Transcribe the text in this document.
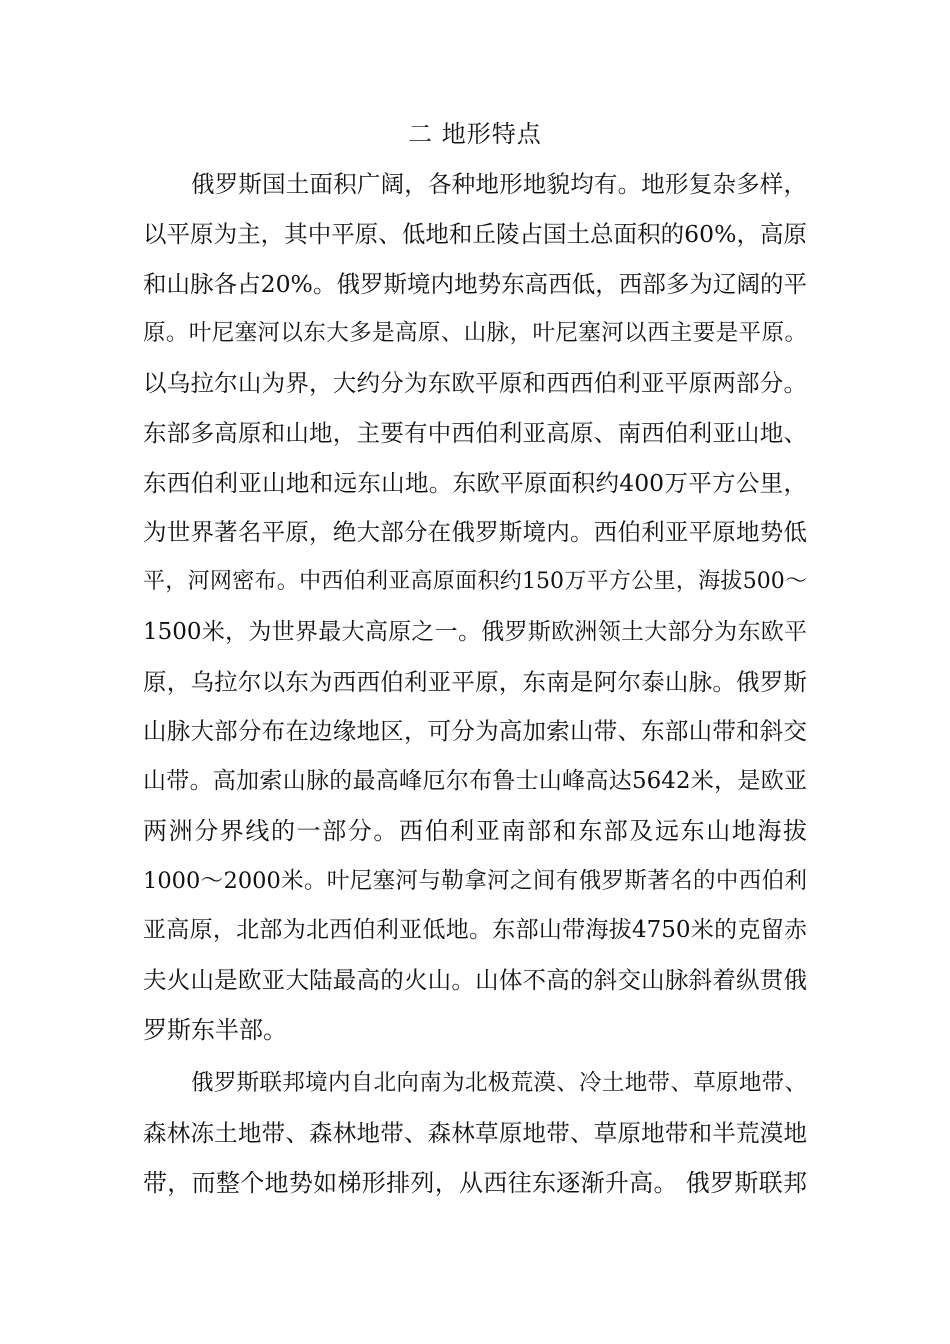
二 地形特点
俄罗斯国土面积广阔，各种地形地貌均有。地形复杂多样，
以平原为主，其中平原、低地和丘陵占国土总面积的60%，高原
和山脉各占20%。俄罗斯境内地势东高西低，西部多为辽阔的平
原。叶尼塞河以东大多是高原、山脉，叶尼塞河以西主要是平原。
以乌拉尔山为界，大约分为东欧平原和西西伯利亚平原两部分。
东部多高原和山地，主要有中西伯利亚高原、南西伯利亚山地、
东西伯利亚山地和远东山地。东欧平原面积约400万平方公里，
为世界著名平原，绝大部分在俄罗斯境内。西伯利亚平原地势低
平，河网密布。中西伯利亚高原面积约150万平方公里，海拔500～
1500米，为世界最大高原之一。俄罗斯欧洲领土大部分为东欧平
原，乌拉尔以东为西西伯利亚平原，东南是阿尔泰山脉。俄罗斯
山脉大部分布在边缘地区，可分为高加索山带、东部山带和斜交
山带。高加索山脉的最高峰厄尔布鲁士山峰高达5642米，是欧亚
两洲分界线的一部分。西伯利亚南部和东部及远东山地海拔
1000～2000米。叶尼塞河与勒拿河之间有俄罗斯著名的中西伯利
亚高原，北部为北西伯利亚低地。东部山带海拔4750米的克留赤
夫火山是欧亚大陆最高的火山。山体不高的斜交山脉斜着纵贯俄
罗斯东半部。
俄罗斯联邦境内自北向南为北极荒漠、冷土地带、草原地带、
森林冻土地带、森林地带、森林草原地带、草原地带和半荒漠地
带，而整个地势如梯形排列，从西往东逐渐升高。 俄罗斯联邦
